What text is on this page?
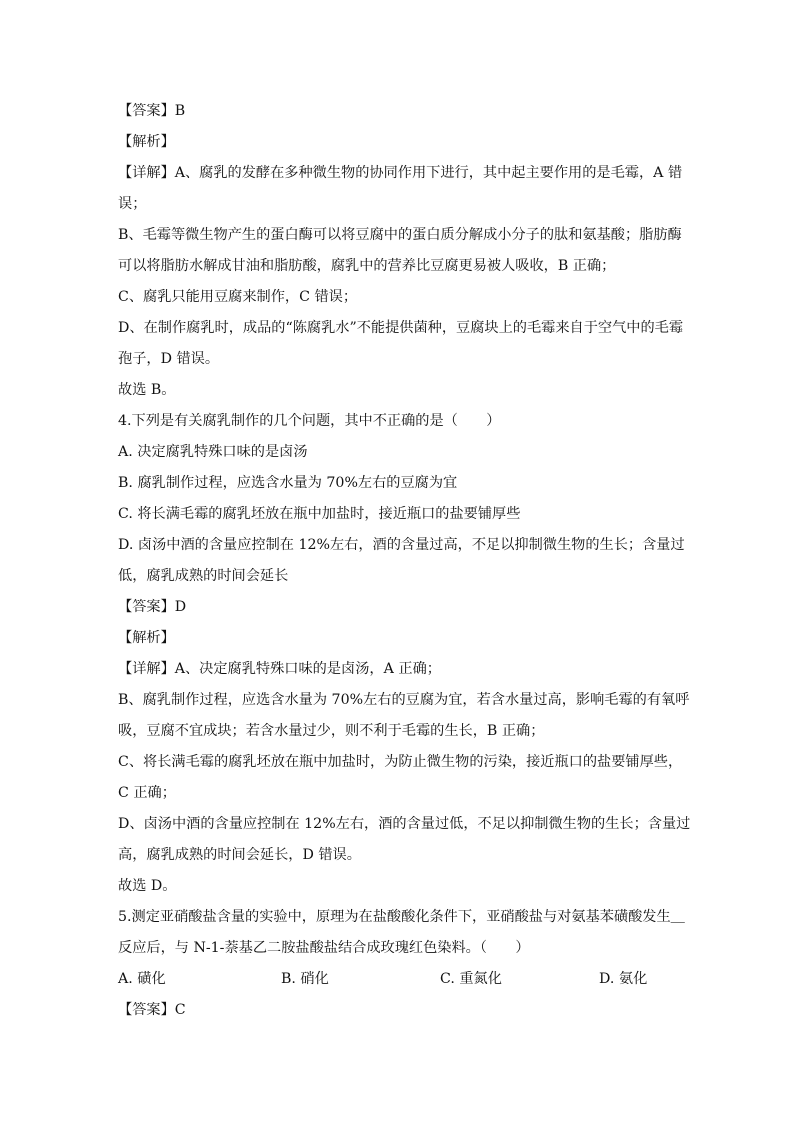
【答案】B
【解析】
【详解】A、腐乳的发酵在多种微生物的协同作用下进行，其中起主要作用的是毛霉，A 错
误；
B、毛霉等微生物产生的蛋白酶可以将豆腐中的蛋白质分解成小分子的肽和氨基酸；脂肪酶
可以将脂肪水解成甘油和脂肪酸，腐乳中的营养比豆腐更易被人吸收，B 正确；
C、腐乳只能用豆腐来制作，C 错误；
D、在制作腐乳时，成品的“陈腐乳水”不能提供菌种，豆腐块上的毛霉来自于空气中的毛霉
孢子，D 错误。
故选 B。
4.下列是有关腐乳制作的几个问题，其中不正确的是（　　）
A. 决定腐乳特殊口味的是卤汤
B. 腐乳制作过程，应选含水量为 70%左右的豆腐为宜
C. 将长满毛霉的腐乳坯放在瓶中加盐时，接近瓶口的盐要铺厚些
D. 卤汤中酒的含量应控制在 12%左右，酒的含量过高，不足以抑制微生物的生长；含量过
低，腐乳成熟的时间会延长
【答案】D
【解析】
【详解】A、决定腐乳特殊口味的是卤汤，A 正确；
B、腐乳制作过程，应选含水量为 70%左右的豆腐为宜，若含水量过高，影响毛霉的有氧呼
吸，豆腐不宜成块；若含水量过少，则不利于毛霉的生长，B 正确；
C、将长满毛霉的腐乳坯放在瓶中加盐时，为防止微生物的污染，接近瓶口的盐要铺厚些，
C 正确；
D、卤汤中酒的含量应控制在 12%左右，酒的含量过低，不足以抑制微生物的生长；含量过
高，腐乳成熟的时间会延长，D 错误。
故选 D。
5.测定亚硝酸盐含量的实验中，原理为在盐酸酸化条件下，亚硝酸盐与对氨基苯磺酸发生＿
反应后，与 N-1-萘基乙二胺盐酸盐结合成玫瑰红色染料。（　　）
A. 磺化	B. 硝化	C. 重氮化	D. 氨化
【答案】C
